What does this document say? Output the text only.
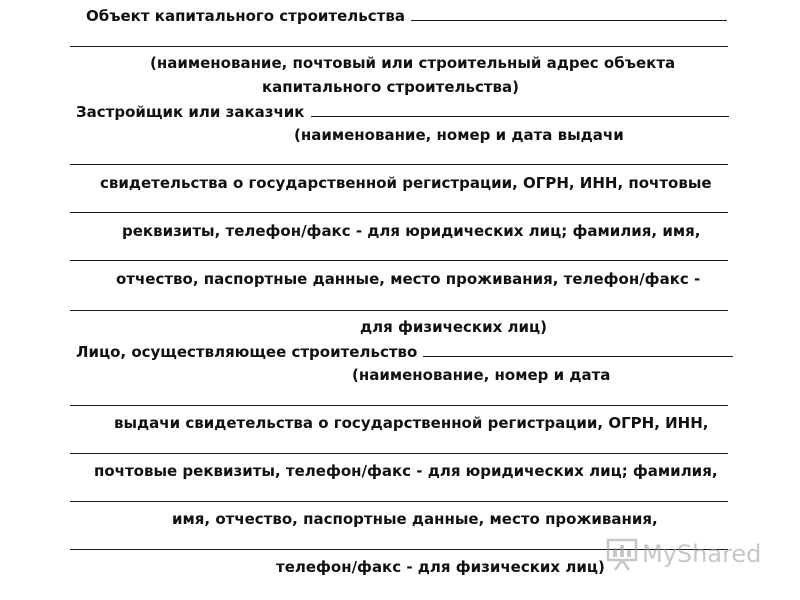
Объект капитального строительства
(наименование, почтовый или строительный адрес объекта
капитального строительства)
Застройщик или заказчик
(наименование, номер и дата выдачи
свидетельства о государственной регистрации, ОГРН, ИНН, почтовые
реквизиты, телефон/факс - для юридических лиц; фамилия, имя,
отчество, паспортные данные, место проживания, телефон/факс -
для физических лиц)
Лицо, осуществляющее строительство
(наименование, номер и дата
выдачи свидетельства о государственной регистрации, ОГРН, ИНН,
почтовые реквизиты, телефон/факс - для юридических лиц; фамилия,
имя, отчество, паспортные данные, место проживания,
телефон/факс - для физических лиц) MyShared
